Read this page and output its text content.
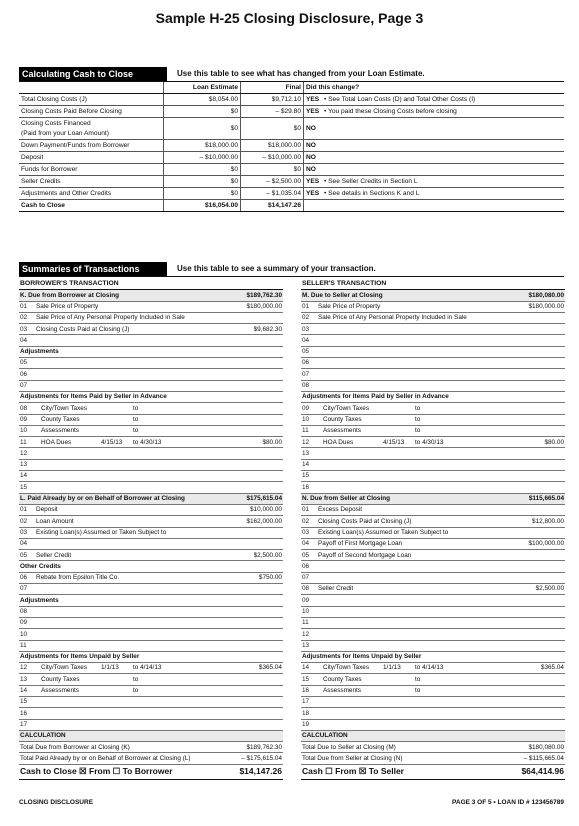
Sample H-25 Closing Disclosure, Page 3
Calculating Cash to Close	Use this table to see what has changed from your Loan Estimate.
	Loan Estimate	Final	Did this change?	

Total Closing Costs (J)	$8,054.00	$9,712.10	YES	• See Total Loan Costs (D) and Total Other Costs (I)

Closing Costs Paid Before Closing	$0	– $29.80	YES	• You paid these Closing Costs before closing

Closing Costs Financed
(Paid from your Loan Amount)	$0	$0	NO	

Down Payment/Funds from Borrower	$18,000.00	$18,000.00	NO	

Deposit	– $10,000.00	– $10,000.00	NO	

Funds for Borrower	$0	$0	NO	

Seller Credits	$0	– $2,500.00	YES	• See Seller Credits in Section L

Adjustments and Other Credits	$0	– $1,035.04	YES	• See details in Sections K and L
Cash to Close	$16,054.00	$14,147.26		
Summaries of Transactions	Use this table to see a summary of your transaction.
BORROWER'S TRANSACTION		
K. Due from Borrower at Closing		$189,762.30
01	Sale Price of Property	$180,000.00
02	Sale Price of Any Personal Property Included in Sale	
03	Closing Costs Paid at Closing (J)	$9,682.30
04		
Adjustments		
05		
06		
07		
Adjustments for Items Paid by Seller in Advance		
08	City/Town Taxes to	
09	County Taxes to	
10	Assessments to	
11	HOA Dues 4/15/13 to 4/30/13	$80.00
12		
13		
14		
15		
L. Paid Already by or on Behalf of Borrower at Closing		$175,615.04
01	Deposit	$10,000.00
02	Loan Amount	$162,000.00
03	Existing Loan(s) Assumed or Taken Subject to	
04		
05	Seller Credit	$2,500.00
Other Credits		
06	Rebate from Epsilon Title Co.	$750.00
07		
Adjustments		
08		
09		
10		
11		
Adjustments for Items Unpaid by Seller		
12	City/Town Taxes 1/1/13 to 4/14/13	$365.04
13	County Taxes to	
14	Assessments to	
15		
16		
17		
CALCULATION		
Total Due from Borrower at Closing (K)		$189,762.30
Total Paid Already by or on Behalf of Borrower at Closing (L)		– $175,615.04
Cash to Close ☒ From ☐ To Borrower		$14,147.26
SELLER'S TRANSACTION		
M. Due to Seller at Closing		$180,080.00
01	Sale Price of Property	$180,000.00
02	Sale Price of Any Personal Property Included in Sale	
03		
04		
05		
06		
07		
08		
Adjustments for Items Paid by Seller in Advance		
09	City/Town Taxes to	
10	County Taxes to	
11	Assessments to	
12	HOA Dues 4/15/13 to 4/30/13	$80.00
13		
14		
15		
16		
N. Due from Seller at Closing		$115,665.04
01	Excess Deposit	
02	Closing Costs Paid at Closing (J)	$12,800.00
03	Existing Loan(s) Assumed or Taken Subject to	
04	Payoff of First Mortgage Loan	$100,000.00
05	Payoff of Second Mortgage Loan	
06		
07		
08	Seller Credit	$2,500.00
09		
10		
11		
12		
13		
Adjustments for Items Unpaid by Seller		
14	City/Town Taxes 1/1/13 to 4/14/13	$365.04
15	County Taxes to	
16	Assessments to	
17		
18		
19		
CALCULATION		
Total Due to Seller at Closing (M)		$180,080.00
Total Due from Seller at Closing (N)		– $115,665.04
Cash ☐ From ☒ To Seller		$64,414.96
CLOSING DISCLOSURE	PAGE 3 OF 5 • LOAN ID # 123456789
